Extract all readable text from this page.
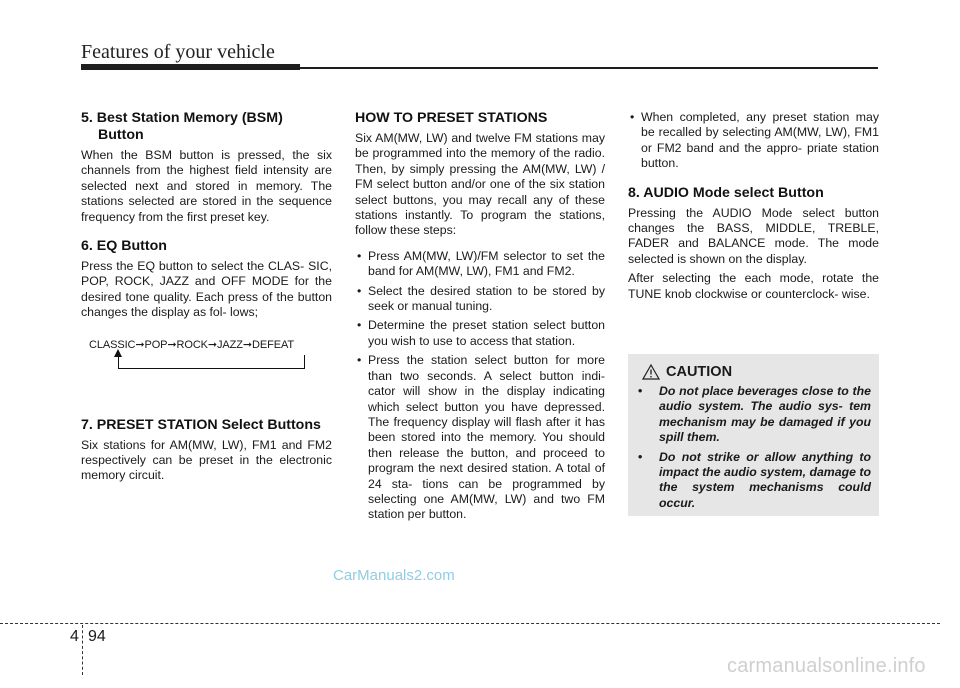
Features of your vehicle
5. Best Station Memory (BSM) Button

When the BSM button is pressed, the six channels from the highest field intensity are selected next and stored in memory. The stations selected are stored in the sequence frequency from the first preset key.

6. EQ Button

Press the EQ button to select the CLAS- SIC, POP, ROCK, JAZZ and OFF MODE for the desired tone quality. Each press of the button changes the display as fol- lows;

CLASSIC➞POP➞ROCK➞JAZZ➞DEFEAT
7. PRESET STATION Select Buttons

Six stations for AM(MW, LW), FM1 and FM2 respectively can be preset in the electronic memory circuit.

HOW TO PRESET STATIONS

Six AM(MW, LW) and twelve FM stations may be programmed into the memory of the radio. Then, by simply pressing the AM(MW, LW) / FM select button and/or one of the six station select buttons, you may recall any of these stations instantly. To program the stations, follow these steps:

• Press AM(MW, LW)/FM selector to set the band for AM(MW, LW), FM1 and FM2.
• Select the desired station to be stored by seek or manual tuning.
• Determine the preset station select button you wish to use to access that station.
• Press the station select button for more than two seconds. A select button indi- cator will show in the display indicating which select button you have depressed. The frequency display will flash after it has been stored into the memory. You should then release the button, and proceed to program the next desired station. A total of 24 sta- tions can be programmed by selecting one AM(MW, LW) and two FM station per button.
• When completed, any preset station may be recalled by selecting AM(MW, LW), FM1 or FM2 band and the appro- priate station button.
8. AUDIO Mode select Button

Pressing the AUDIO Mode select button changes the BASS, MIDDLE, TREBLE, FADER and BALANCE mode. The mode selected is shown on the display.

After selecting the each mode, rotate the TUNE knob clockwise or counterclock- wise.

CAUTION
• Do not place beverages close to the audio system. The audio sys- tem mechanism may be damaged if you spill them.
• Do not strike or allow anything to impact the audio system, damage to the system mechanisms could occur.
CarManuals2.com
4 94
carmanualsonline.info
